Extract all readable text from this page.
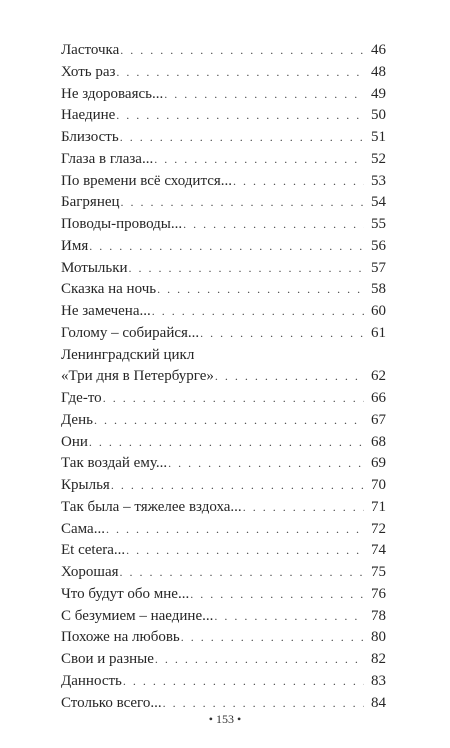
Ласточка . . .	46
Хоть раз . . .	48
Не здороваясь... . . .	49
Наедине . . .	50
Близость . . .	51
Глаза в глаза... . . .	52
По времени всё сходится... . . .	53
Багрянец . . .	54
Поводы-проводы... . . .	55
Имя . . .	56
Мотыльки . . .	57
Сказка на ночь . . .	58
Не замечена... . . .	60
Голому – собирайся... . . .	61
Ленинградский цикл
«Три дня в Петербурге» . . .	62
Где-то . . .	66
День . . .	67
Они . . .	68
Так воздай ему... . . .	69
Крылья . . .	70
Так была – тяжелее вздоха... . . .	71
Сама... . . .	72
Et cetera... . . .	74
Хорошая . . .	75
Что будут обо мне... . . .	76
С безумием – наедине... . . .	78
Похоже на любовь . . .	80
Свои и разные . . .	82
Данность . . .	83
Столько всего... . . .	84
• 153 •
